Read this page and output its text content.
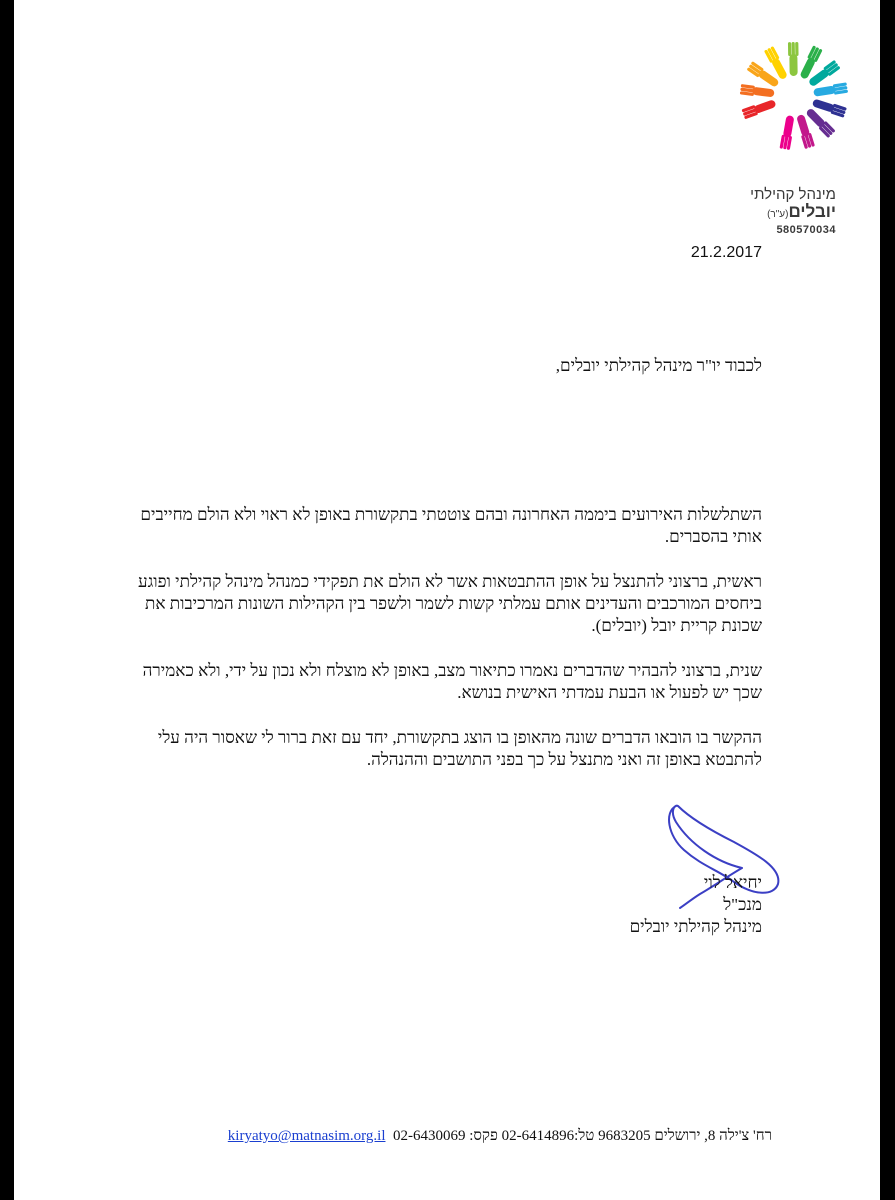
מינהל קהילתי
יובלים(ע"ר)
580570034
21.2.2017
לכבוד יו"ר מינהל קהילתי יובלים,

השתלשלות האירועים ביממה האחרונה ובהם צוטטתי בתקשורת באופן לא ראוי ולא הולם מחייבים אותי בהסברים.

ראשית, ברצוני להתנצל על אופן ההתבטאות אשר לא הולם את תפקידי כמנהל מינהל קהילתי ופוגע ביחסים המורכבים והעדינים אותם עמלתי קשות לשמר ולשפר בין הקהילות השונות המרכיבות את שכונת קריית יובל (יובלים).

שנית, ברצוני להבהיר שהדברים נאמרו כתיאור מצב, באופן לא מוצלח ולא נכון על ידי, ולא כאמירה שכך יש לפעול או הבעת עמדתי האישית בנושא.

ההקשר בו הובאו הדברים שונה מהאופן בו הוצג בתקשורת, יחד עם זאת ברור לי שאסור היה עלי להתבטא באופן זה ואני מתנצל על כך בפני התושבים וההנהלה.

יחיאל לוי
מנכ"ל
מינהל קהילתי יובלים
רח' צ'ילה 8, ירושלים 9683205 טל:02-6414896 פקס: 02-6430069  kiryatyo@matnasim.org.il
